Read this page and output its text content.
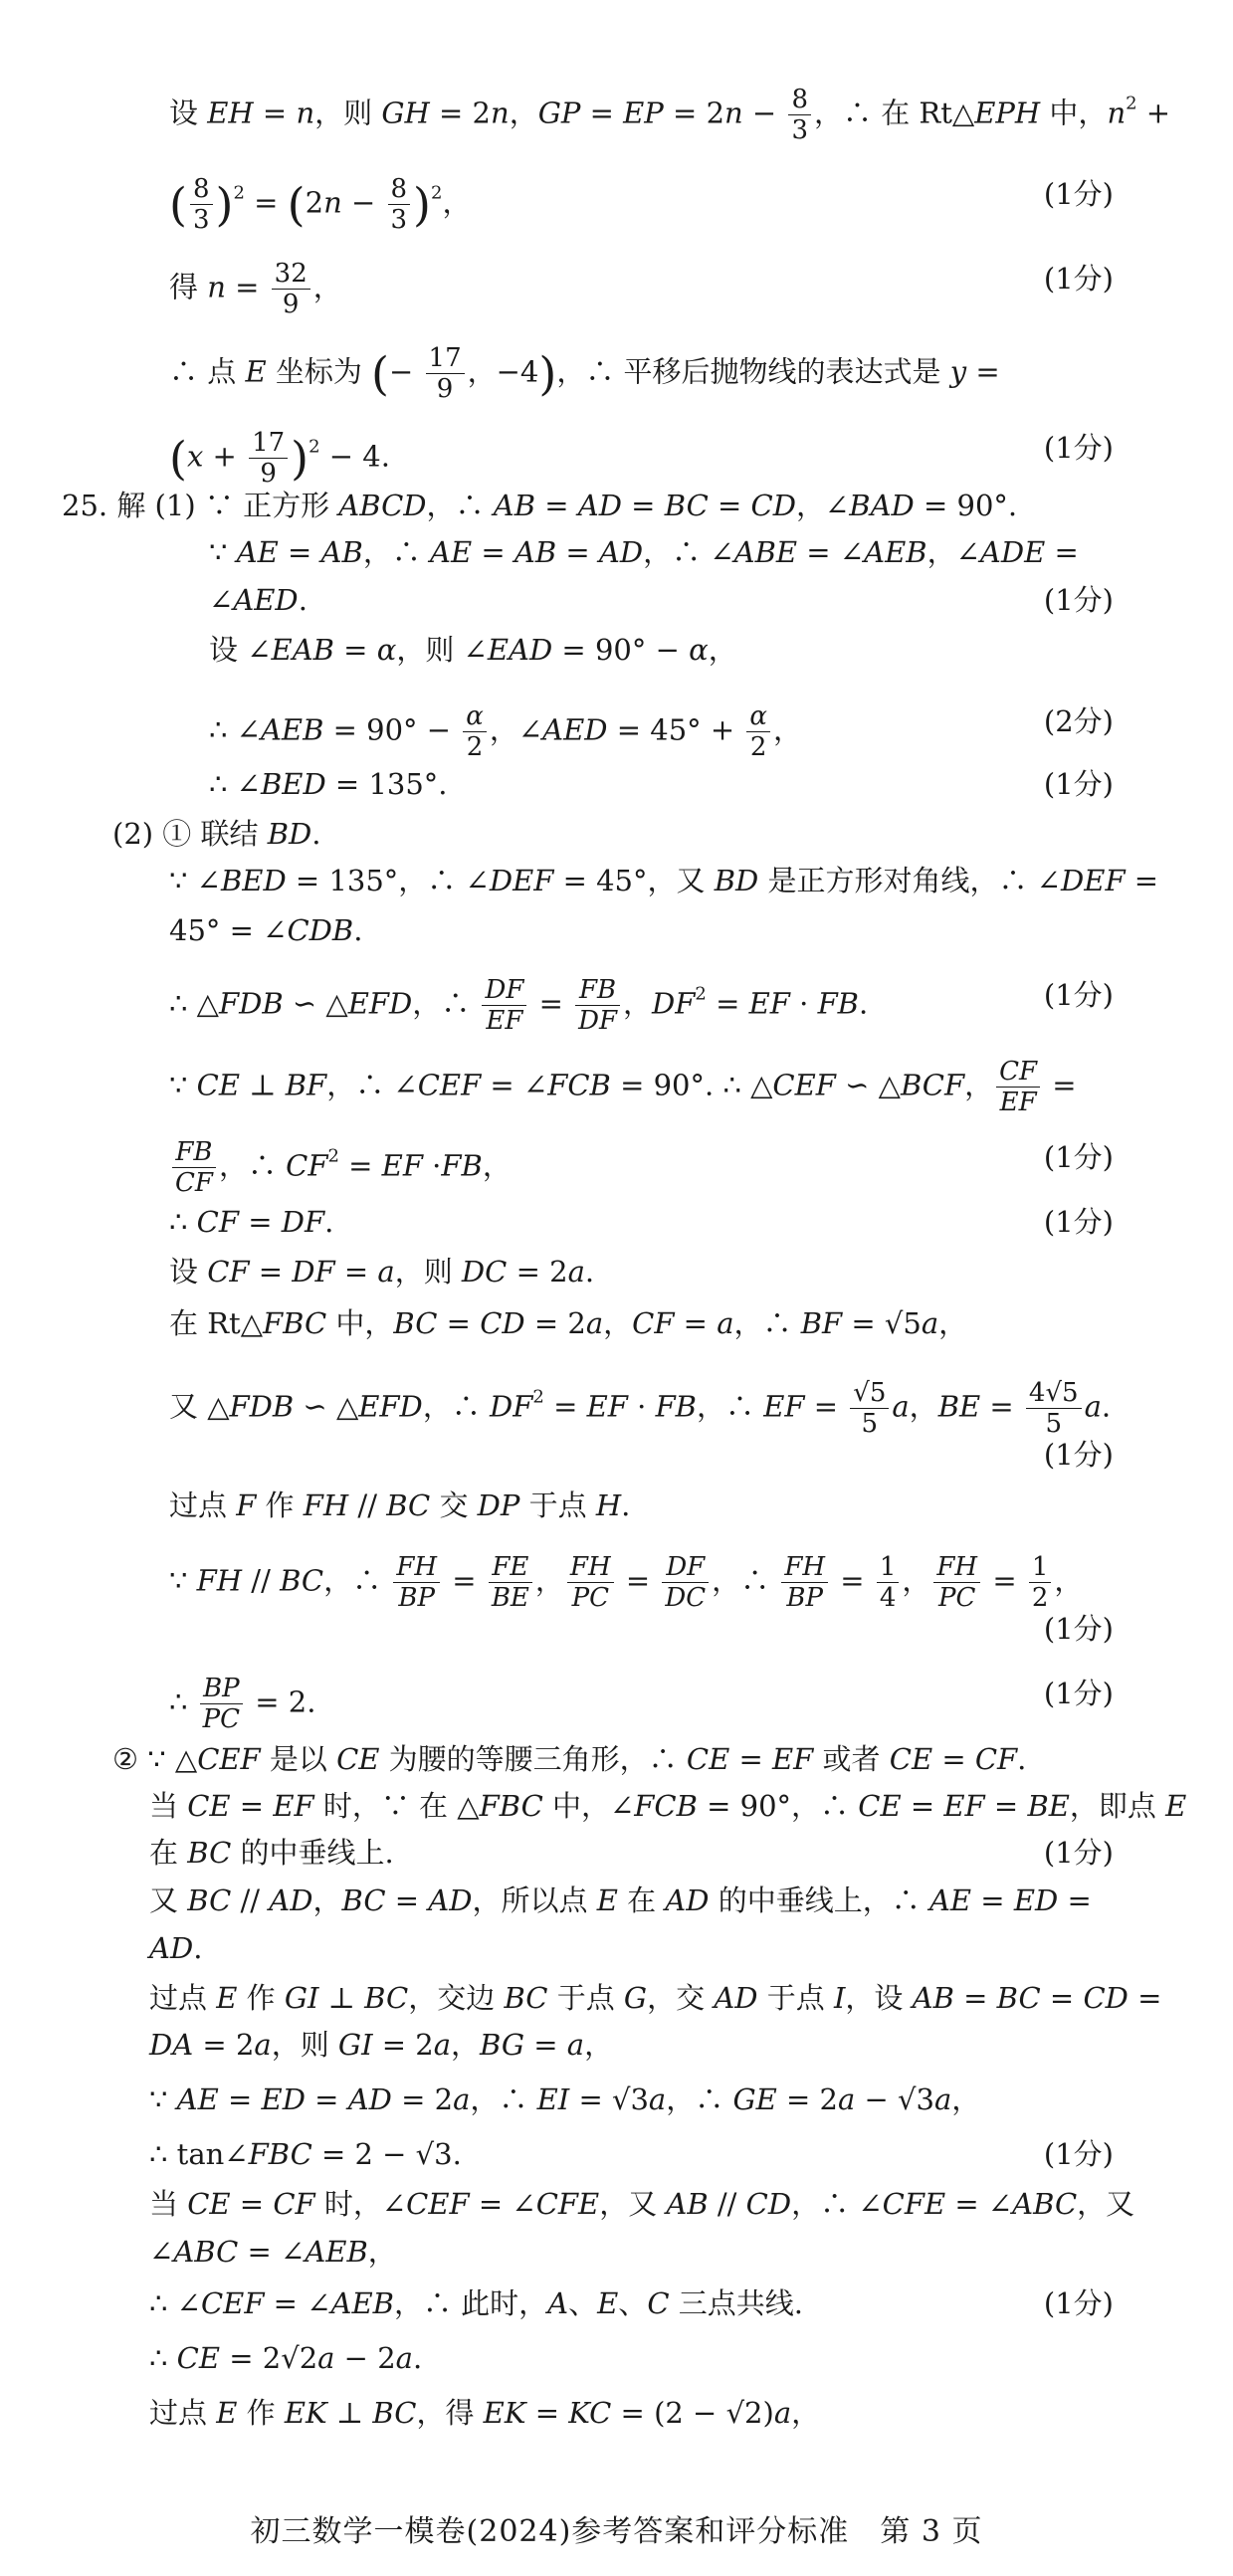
设 EH = n，则 GH = 2n，GP = EP = $2n - \frac{8}{3}$ ，∴ 在 Rt△EPH 中，$n^2$ +
( $\frac{8}{3} )^2 = (2n - \frac{8}{3} )^2$，	(1分)
得 $n = \frac{32}{9}$ ，	(1分)
∴ 点 E 坐标为 (− $\frac{17}{9}$ ，−4)，∴ 平移后抛物线的表达式是 y =
$(x + \frac{17}{9} )^2 - 4$.	(1分)
25. 解 (1) ∵ 正方形 ABCD，∴ AB = AD = BC = CD，∠BAD = 90°.
∵ AE = AB，∴ AE = AB = AD，∴ ∠ABE = ∠AEB，∠ADE =
∠AED.	(1分)
设 ∠EAB = α，则 ∠EAD = 90° − α，
∴ ∠AEB = $90^\circ - \frac{\alpha}{2}$ ，∠AED = $45^\circ + \frac{\alpha}{2}$ ，	(2分)
∴ ∠BED = 135°.	(1分)
(2) ① 联结 BD.
∵ ∠BED = 135°，∴ ∠DEF = 45°，又 BD 是正方形对角线，∴ ∠DEF =
45° = ∠CDB.
∴ △FDB ∽ △EFD，∴ $\frac{DF}{EF} = \frac{FB}{DF}$ ，$DF^2$ = EF · FB.	(1分)
∵ CE ⊥ BF，∴ ∠CEF = ∠FCB = 90°. ∴ △CEF ∽ △BCF， $\frac{CF}{EF}$ =
$\frac{FB}{CF}$ ，∴ $CF^2$ = EF ·FB，	(1分)
∴ CF = DF.	(1分)
设 CF = DF = a，则 DC = 2a.
在 Rt△FBC 中，BC = CD = 2a，CF = a，∴ BF = √5a，
又 △FDB ∽ △EFD，∴ $DF^2$ = EF · FB，∴ EF = $\frac{√5}{5}$ a，BE = $\frac{4√5}{5} a$.
(1分)
过点 F 作 FH // BC 交 DP 于点 H.
∵ FH // BC，∴ $\frac{FH}{BP} = \frac{FE}{BE}$ ， $\frac{FH}{PC} = \frac{DF}{DC}$ ，∴ $\frac{FH}{BP} = \frac{1}{4}$ ， $\frac{FH}{PC} = \frac{1}{2}$ ，
(1分)
∴ $\frac{BP}{PC} = 2$.	(1分)
② ∵ △CEF 是以 CE 为腰的等腰三角形，∴ CE = EF 或者 CE = CF.
当 CE = EF 时，∵ 在 △FBC 中，∠FCB = 90°，∴ CE = EF = BE，即点 E
在 BC 的中垂线上.	(1分)
又 BC // AD，BC = AD，所以点 E 在 AD 的中垂线上，∴ AE = ED =
AD.
过点 E 作 GI ⊥ BC，交边 BC 于点 G，交 AD 于点 I，设 AB = BC = CD =
DA = 2a，则 GI = 2a，BG = a，
∵ AE = ED = AD = 2a，∴ EI = √3a，∴ GE = 2a − √3a，
∴ tan∠FBC = 2 − √3.	(1分)
当 CE = CF 时，∠CEF = ∠CFE，又 AB // CD，∴ ∠CFE = ∠ABC，又
∠ABC = ∠AEB，
∴ ∠CEF = ∠AEB，∴ 此时，A、E、C 三点共线.	(1分)
∴ CE = 2√2a − 2a.
过点 E 作 EK ⊥ BC，得 EK = KC = (2 − √2)a，
初三数学一模卷(2024)参考答案和评分标准　第 3 页
